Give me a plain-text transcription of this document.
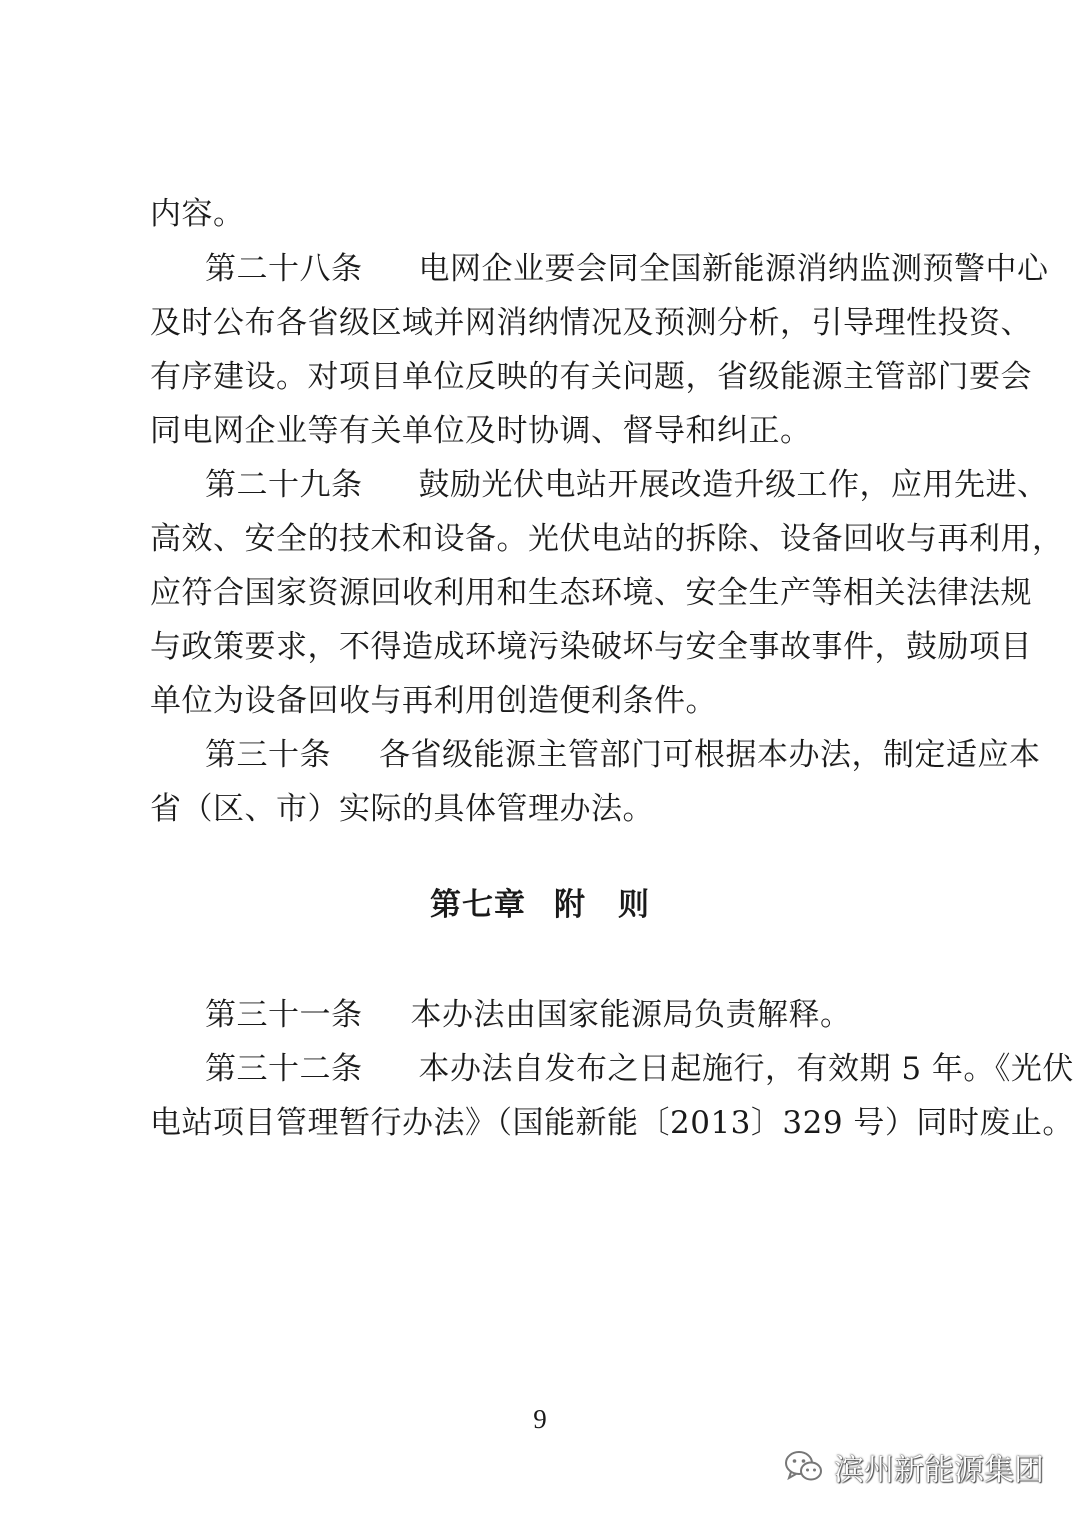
内容。
第二十八条 电网企业要会同全国新能源消纳监测预警中心
及时公布各省级区域并网消纳情况及预测分析，引导理性投资、
有序建设。对项目单位反映的有关问题，省级能源主管部门要会
同电网企业等有关单位及时协调、督导和纠正。
第二十九条 鼓励光伏电站开展改造升级工作，应用先进、
高效、安全的技术和设备。光伏电站的拆除、设备回收与再利用，
应符合国家资源回收利用和生态环境、安全生产等相关法律法规
与政策要求，不得造成环境污染破坏与安全事故事件，鼓励项目
单位为设备回收与再利用创造便利条件。
第三十条 各省级能源主管部门可根据本办法，制定适应本
省（区、市）实际的具体管理办法。
第七章 附　则
第三十一条 本办法由国家能源局负责解释。
第三十二条 本办法自发布之日起施行，有效期 5 年。《光伏
电站项目管理暂行办法》（国能新能〔2013〕329 号）同时废止。
9
滨州新能源集团
